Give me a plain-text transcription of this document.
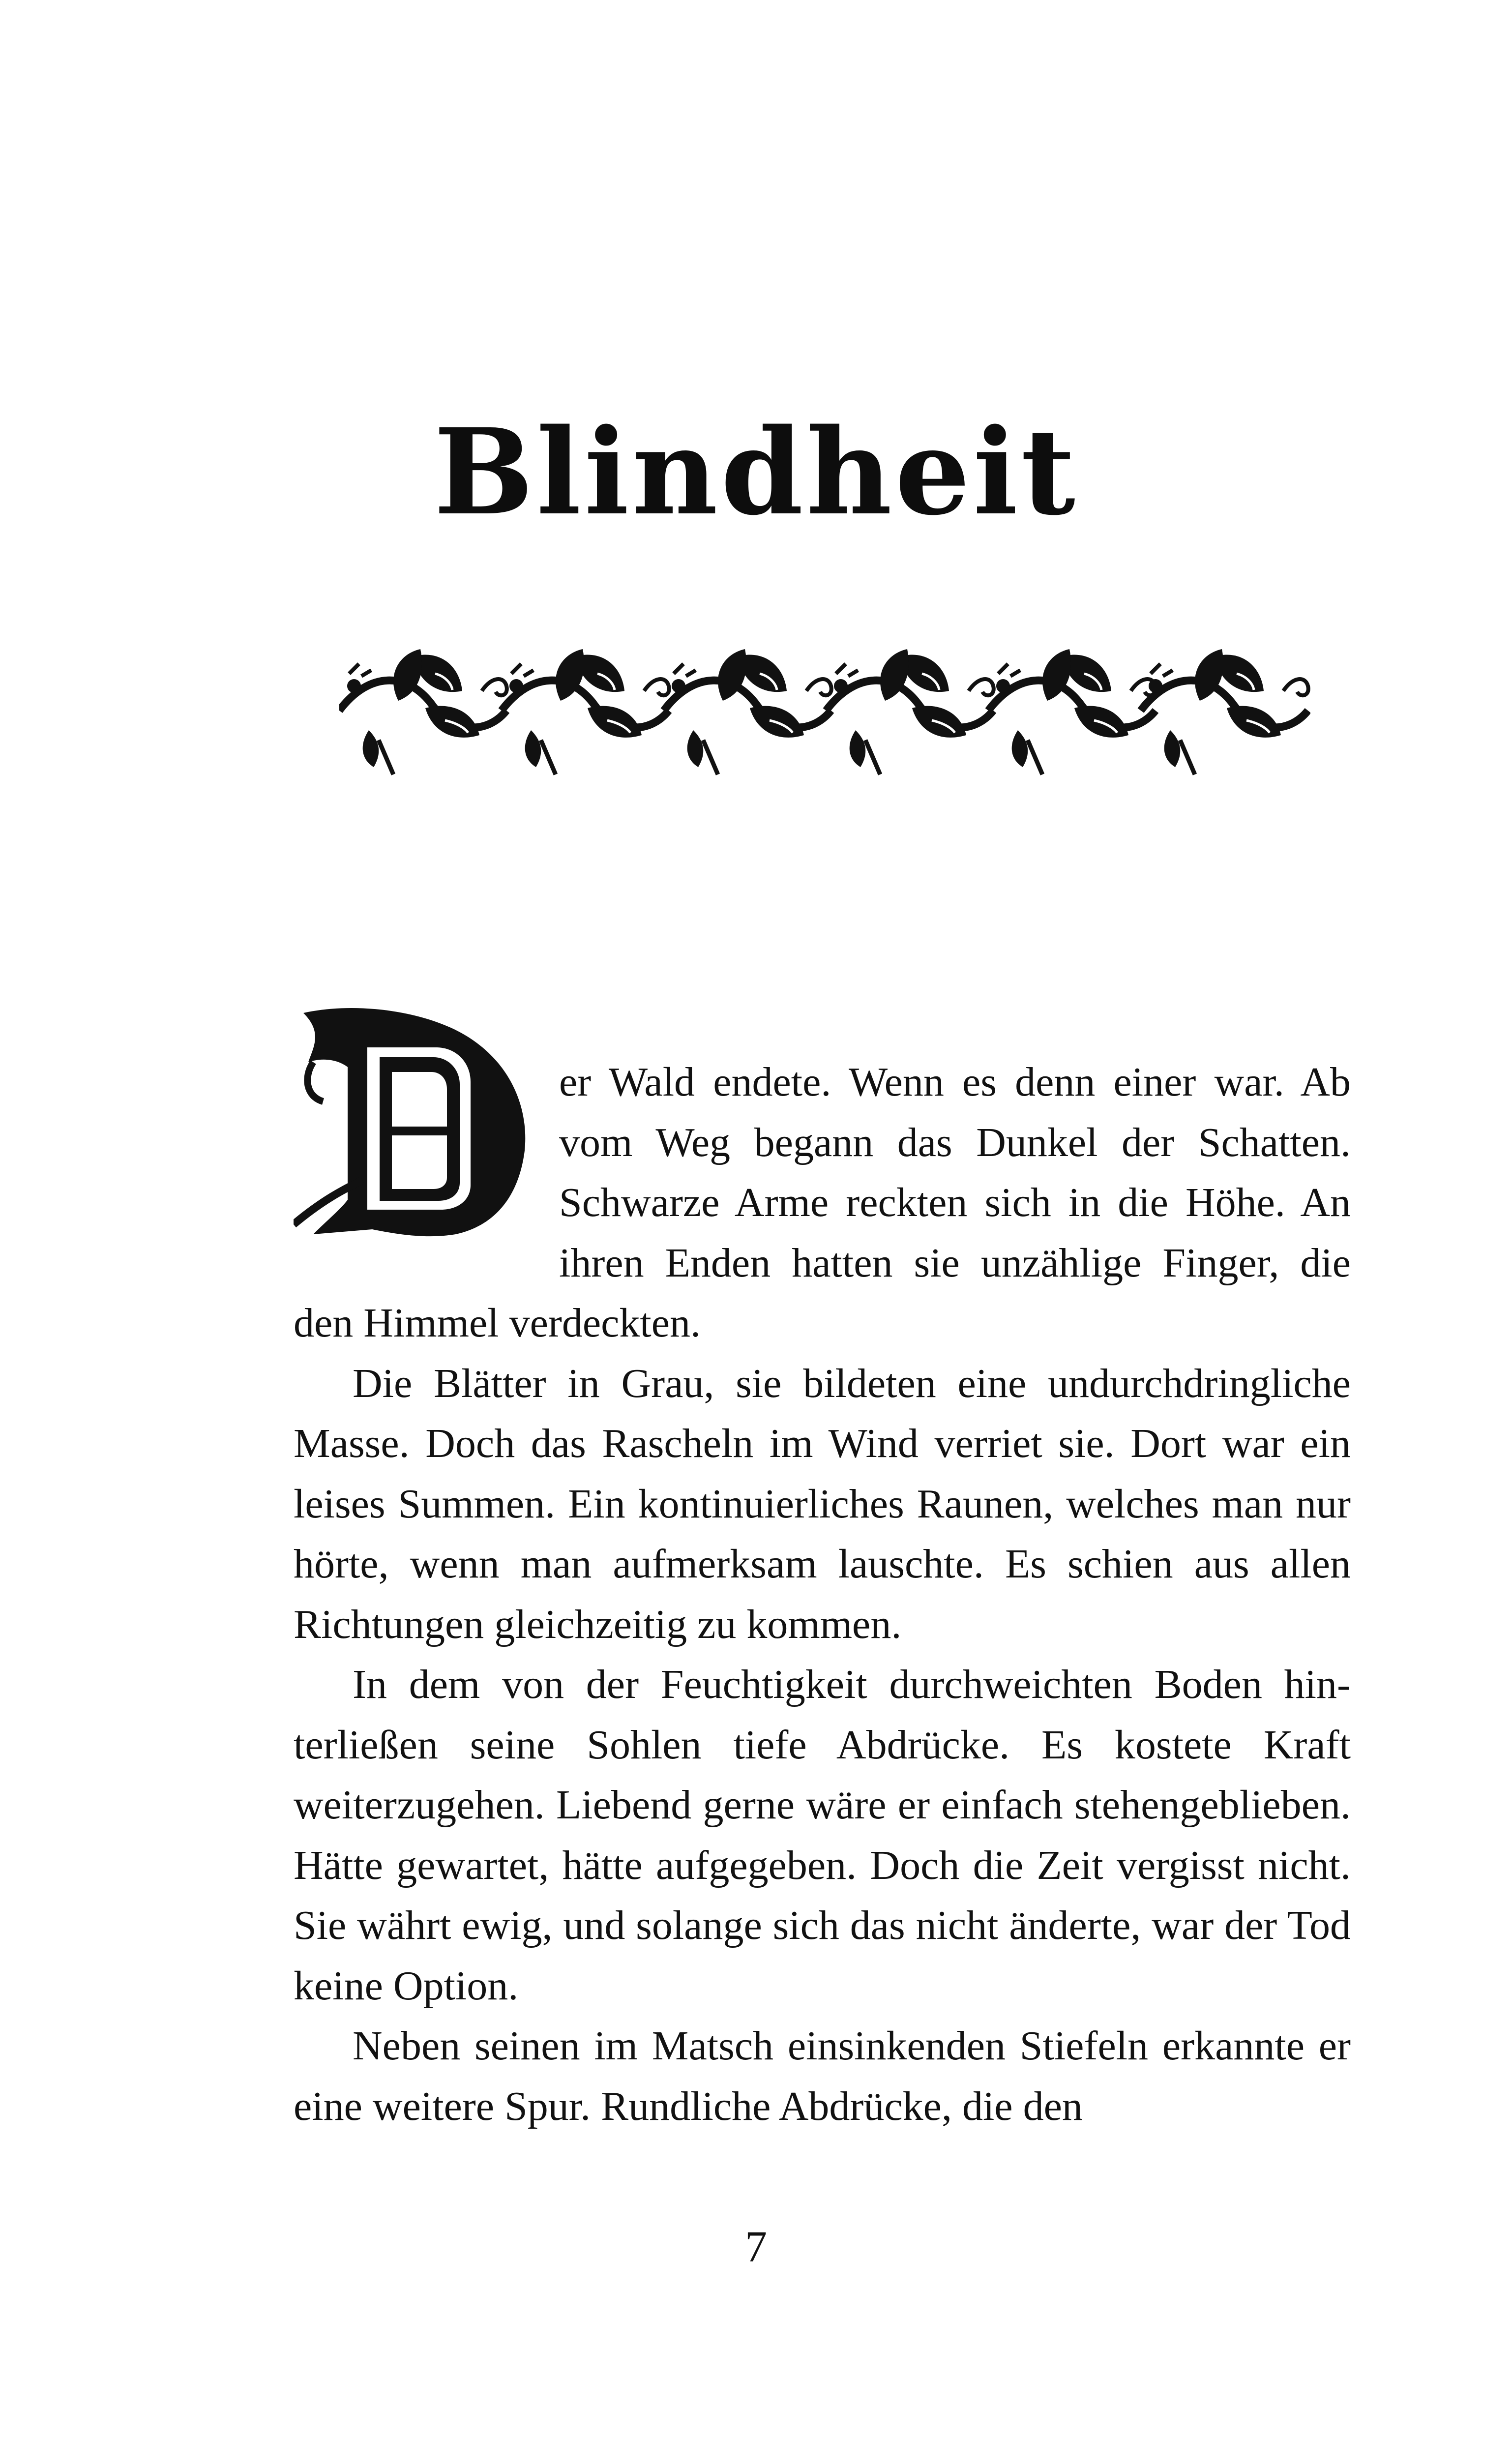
Blindheit

er Wald endete. Wenn es denn einer war. Ab vom Weg begann das Dunkel der Schatten. Schwarze Arme reckten sich in die Höhe. An ihren Enden hatten sie unzählige Finger, die den Himmel verdeckten.

Die Blätter in Grau, sie bildeten eine undurchdringliche Masse. Doch das Rascheln im Wind verriet sie. Dort war ein leises Summen. Ein kontinuierliches Raunen, welches man nur hörte, wenn man aufmerksam lauschte. Es schien aus allen Richtungen gleichzeitig zu kommen.

In dem von der Feuchtigkeit durchweichten Boden hinterließen seine Sohlen tiefe Abdrücke. Es kostete Kraft weiterzugehen. Liebend gerne wäre er einfach stehengeblieben. Hätte gewartet, hätte aufgegeben. Doch die Zeit vergisst nicht. Sie währt ewig, und solange sich das nicht änderte, war der Tod keine Option.

Neben seinen im Matsch einsinkenden Stiefeln erkannte er eine weitere Spur. Rundliche Abdrücke, die den

7
